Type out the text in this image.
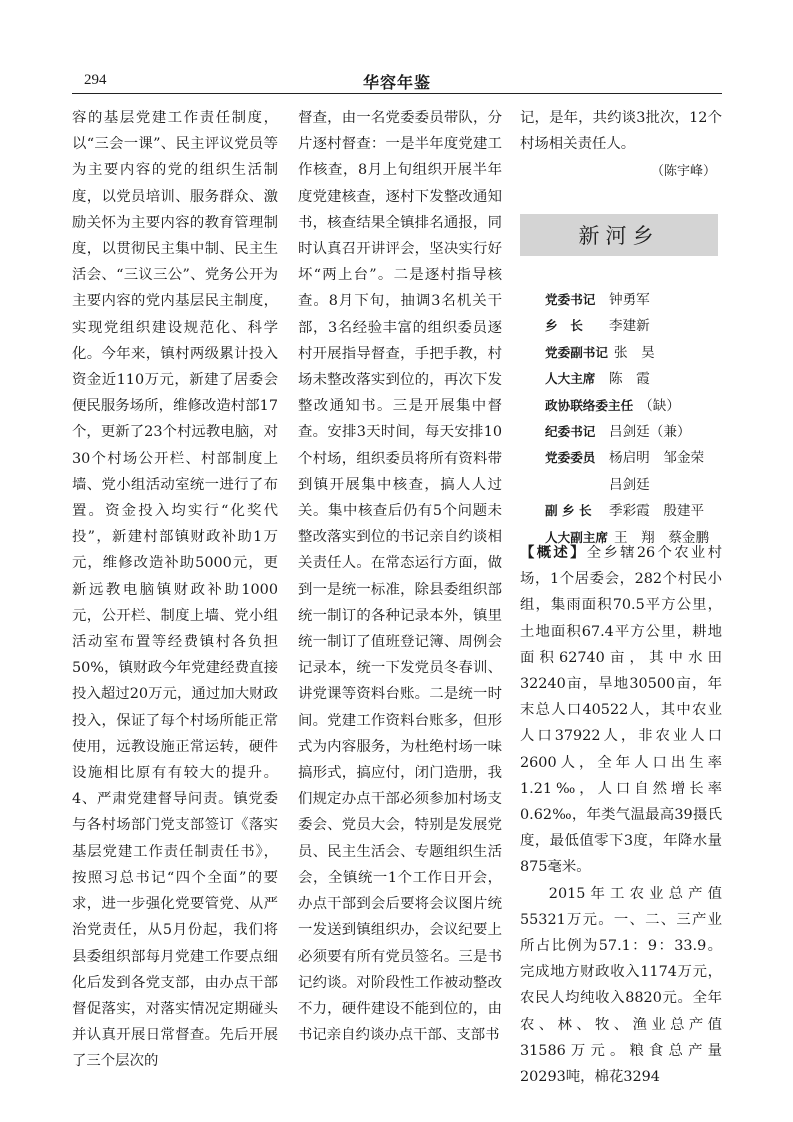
294	华容年鉴

容的基层党建工作责任制度，以“三会一课”、民主评议党员等为主要内容的党的组织生活制度，以党员培训、服务群众、激励关怀为主要内容的教育管理制度，以贯彻民主集中制、民主生活会、“三议三公”、党务公开为主要内容的党内基层民主制度，实现党组织建设规范化、科学化。今年来，镇村两级累计投入资金近110万元，新建了居委会便民服务场所，维修改造村部17个，更新了23个村远教电脑，对30个村场公开栏、村部制度上墙、党小组活动室统一进行了布置。资金投入均实行“化奖代投”，新建村部镇财政补助1万元，维修改造补助5000元，更新远教电脑镇财政补助1000元，公开栏、制度上墙、党小组活动室布置等经费镇村各负担50%，镇财政今年党建经费直接投入超过20万元，通过加大财政投入，保证了每个村场所能正常使用，远教设施正常运转，硬件设施相比原有有较大的提升。4、严肃党建督导问责。镇党委与各村场部门党支部签订《落实基层党建工作责任制责任书》，按照习总书记“四个全面”的要求，进一步强化党要管党、从严治党责任，从5月份起，我们将县委组织部每月党建工作要点细化后发到各党支部，由办点干部督促落实，对落实情况定期碰头并认真开展日常督查。先后开展了三个层次的

督查，由一名党委委员带队，分片逐村督查：一是半年度党建工作核查，8月上旬组织开展半年度党建核查，逐村下发整改通知书，核查结果全镇排名通报，同时认真召开讲评会，坚决实行好坏“两上台”。二是逐村指导核查。8月下旬，抽调3名机关干部，3名经验丰富的组织委员逐村开展指导督查，手把手教，村场未整改落实到位的，再次下发整改通知书。三是开展集中督查。安排3天时间，每天安排10个村场，组织委员将所有资料带到镇开展集中核查，搞人人过关。集中核查后仍有5个问题未整改落实到位的书记亲自约谈相关责任人。在常态运行方面，做到一是统一标准，除县委组织部统一制订的各种记录本外，镇里统一制订了值班登记簿、周例会记录本，统一下发党员冬春训、讲党课等资料台账。二是统一时间。党建工作资料台账多，但形式为内容服务，为杜绝村场一味搞形式，搞应付，闭门造册，我们规定办点干部必须参加村场支委会、党员大会，特别是发展党员、民主生活会、专题组织生活会，全镇统一1个工作日开会，办点干部到会后要将会议图片统一发送到镇组织办，会议纪要上必须要有所有党员签名。三是书记约谈。对阶段性工作被动整改不力，硬件建设不能到位的，由书记亲自约谈办点干部、支部书

记，是年，共约谈3批次，12个村场相关责任人。

（陈宇峰）

新河乡
党委书记	钟勇军
乡　长	李建新
党委副书记 张　昊
人大主席	陈　霞
政协联络委主任 （缺）
纪委书记	吕剑廷（兼）
党委委员	杨启明　邹金荣
吕剑廷
副 乡 长	季彩霞　殷建平
人大副主席 王　翔　蔡金鹏

【概述】全乡辖26个农业村场，1个居委会，282个村民小组，集雨面积70.5平方公里，土地面积67.4平方公里，耕地面积62740亩，其中水田32240亩，旱地30500亩，年末总人口40522人，其中农业人口37922人，非农业人口2600人，全年人口出生率1.21‰，人口自然增长率0.62‰，年类气温最高39摄氏度，最低值零下3度，年降水量875毫米。

2015年工农业总产值55321万元。一、二、三产业所占比例为57.1：9：33.9。完成地方财政收入1174万元，农民人均纯收入8820元。全年农、林、牧、渔业总产值31586万元。粮食总产量20293吨，棉花3294
